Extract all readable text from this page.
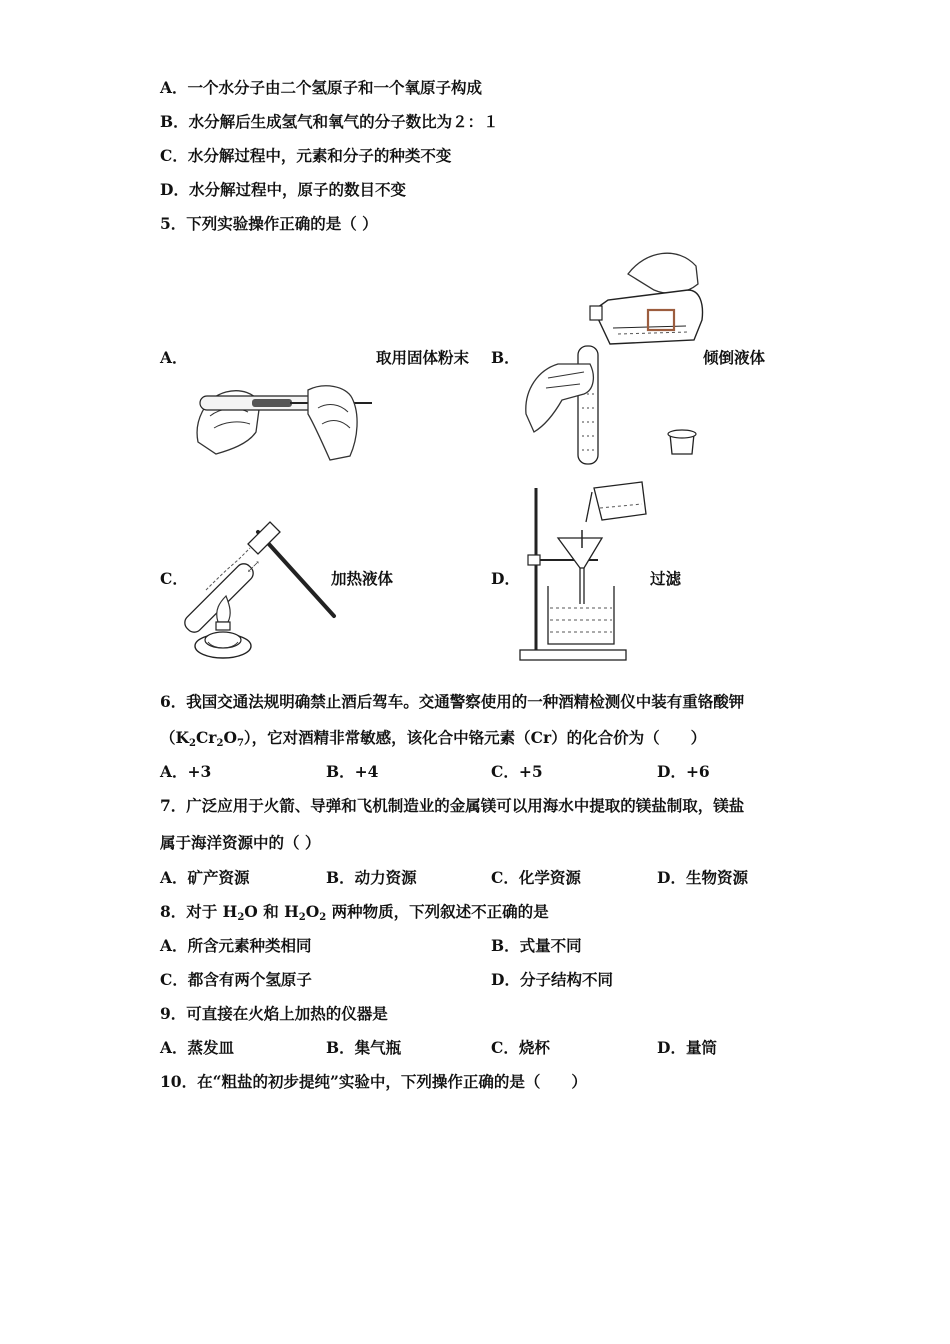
A．一个水分子由二个氢原子和一个氧原子构成
B．水分解后生成氢气和氧气的分子数比为２：１
C．水分解过程中，元素和分子的种类不变
D．水分解过程中，原子的数目不变
5．下列实验操作正确的是（ ）
A．	取用固体粉末 B．	倾倒液体
C．	加热液体	D．	过滤
←→
6．我国交通法规明确禁止酒后驾车。交通警察使用的一种酒精检测仪中装有重铬酸钾
$(K_2Cr_2O_7)$，它对酒精非常敏感，该化合中铬元素（Cr）的化合价为（　　）
A．+3	B．+4	C．+5	D．+6
7．广泛应用于火箭、导弹和飞机制造业的金属镁可以用海水中提取的镁盐制取，镁盐
属于海洋资源中的（ ）
A．矿产资源	B．动力资源	C．化学资源	D．生物资源
8．对于 $H_2O$ 和 $H_2O_2$ 两种物质，下列叙述不正确的是
A．所含元素种类相同	B．式量不同
C．都含有两个氢原子	D．分子结构不同
9．可直接在火焰上加热的仪器是
A．蒸发皿	B．集气瓶	C．烧杯	D．量筒
10．在“粗盐的初步提纯”实验中，下列操作正确的是（　　）
